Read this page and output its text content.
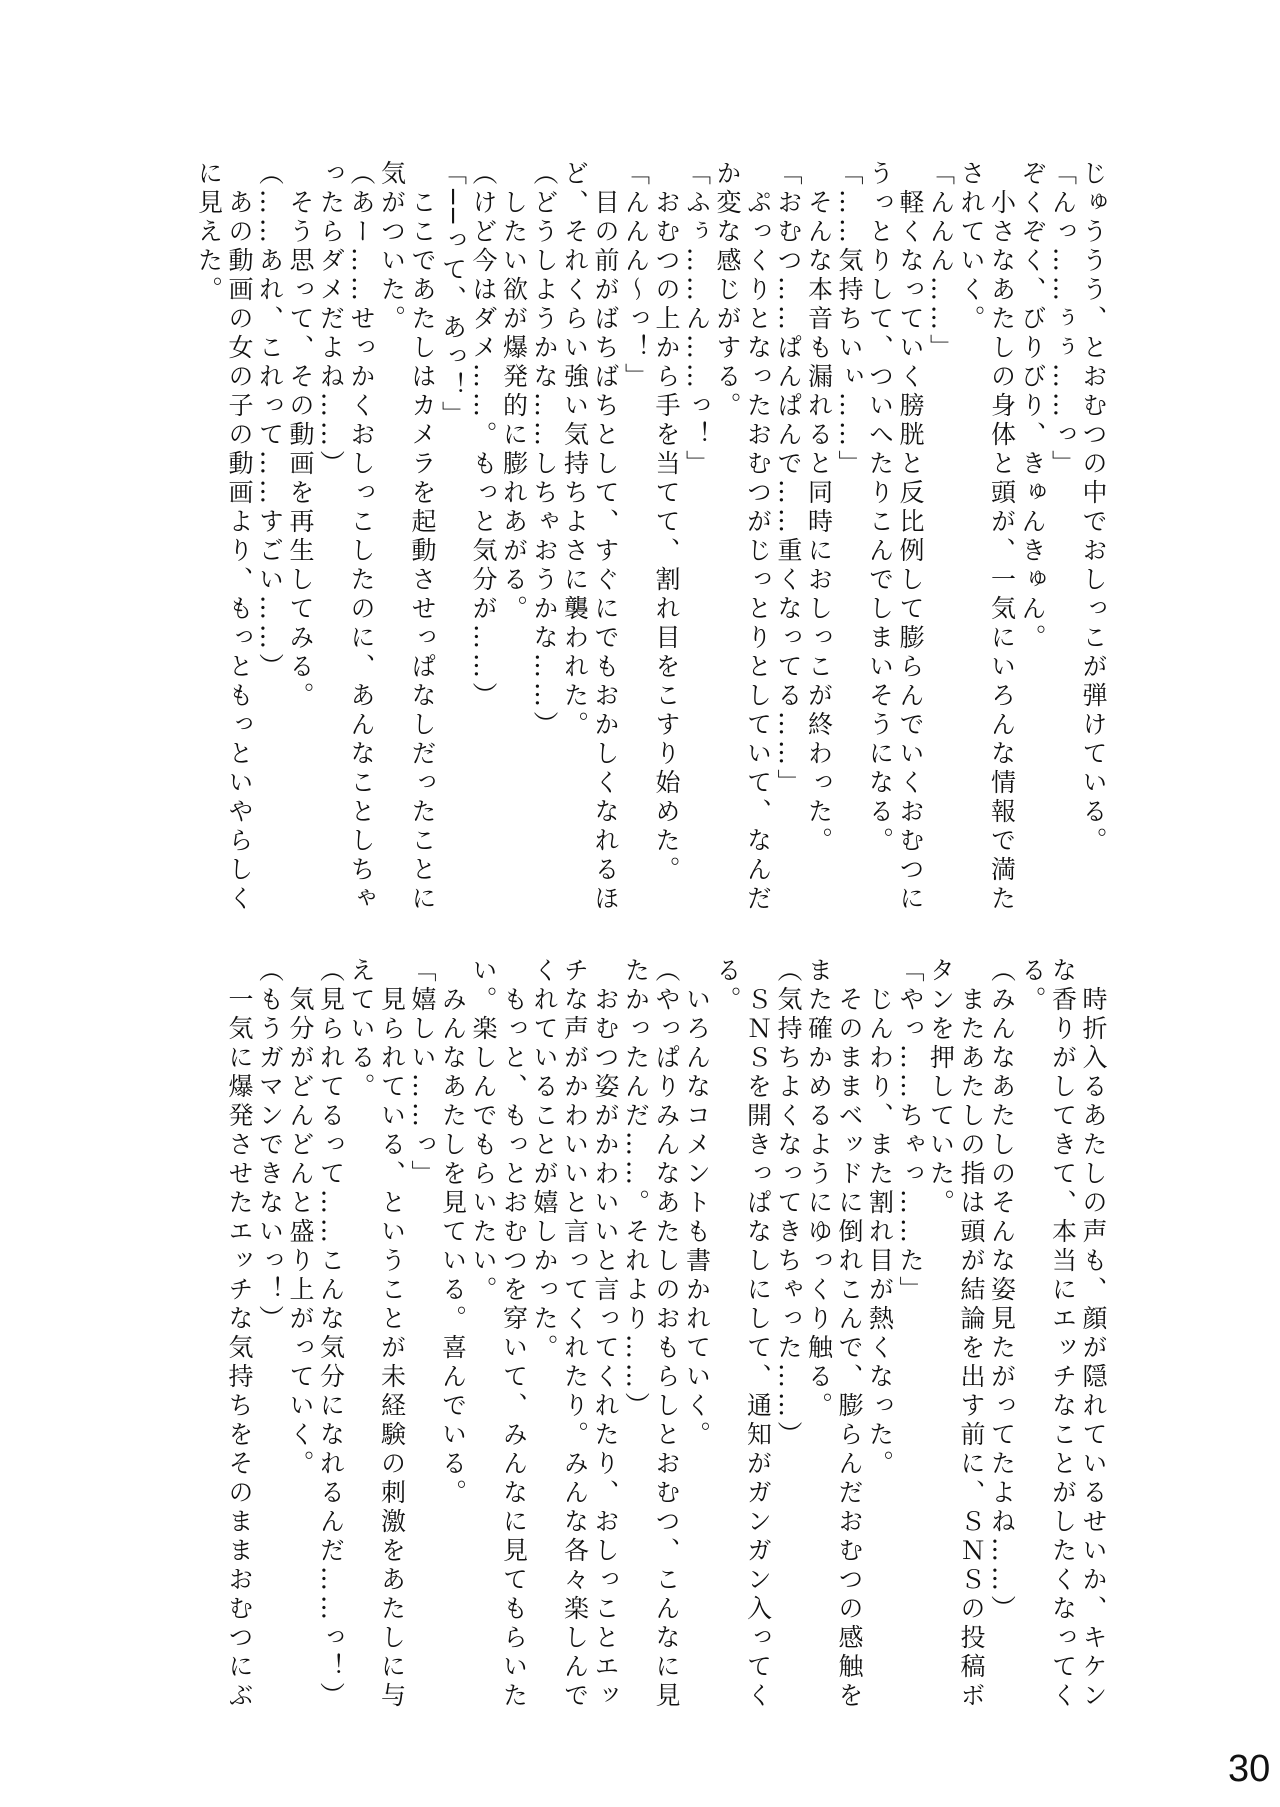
じゅううう、とおむつの中でおしっこが弾けている。
「んっ……ぅぅ……っ」
ぞくぞく、びりびり、きゅんきゅん。
　小さなあたしの身体と頭が、一気にいろんな情報で満た
されていく。
「んんん……」
　軽くなっていく膀胱と反比例して膨らんでいくおむつに
うっとりして、ついへたりこんでしまいそうになる。
「……気持ちいぃ……」
　そんな本音も漏れると同時におしっこが終わった。
「おむつ……ぱんぱんで……重くなってる……」
　ぷっくりとなったおむつがじっとりとしていて、なんだ
か変な感じがする。
「ふぅ……ん……っ！」
　おむつの上から手を当てて、割れ目をこすり始めた。
「んんん〜っ！」
　目の前がばちばちとして、すぐにでもおかしくなれるほ
ど、それくらい強い気持ちよさに襲われた。
（どうしようかな……しちゃおうかな……）
　したい欲が爆発的に膨れあがる。
（けど今はダメ……。もっと気分が……）
「──って、あっ！」
　ここであたしはカメラを起動させっぱなしだったことに
気がついた。
（あー……せっかくおしっこしたのに、あんなことしちゃ
ったらダメだよね……）
　そう思って、その動画を再生してみる。
（……あれ、これって……すごい……）
　あの動画の女の子の動画より、もっともっといやらしく
に見えた。
　時折入るあたしの声も、顔が隠れているせいか、キケン
な香りがしてきて、本当にエッチなことがしたくなってく
る。
（みんなあたしのそんな姿見たがってたよね……）
　またあたしの指は頭が結論を出す前に、ＳＮＳの投稿ボ
タンを押していた。
「やっ……ちゃっ……た」
　じんわり、また割れ目が熱くなった。
　そのままベッドに倒れこんで、膨らんだおむつの感触を
また確かめるようにゆっくり触る。
（気持ちよくなってきちゃった……）
　ＳＮＳを開きっぱなしにして、通知がガンガン入ってく
る。
　いろんなコメントも書かれていく。
（やっぱりみんなあたしのおもらしとおむつ、こんなに見
たかったんだ……。それより……）
　おむつ姿がかわいいと言ってくれたり、おしっことエッ
チな声がかわいいと言ってくれたり。みんな各々楽しんで
くれていることが嬉しかった。
　もっと、もっとおむつを穿いて、みんなに見てもらいた
い。楽しんでもらいたい。
　みんなあたしを見ている。喜んでいる。
「嬉しい……っ」
　見られている、ということが未経験の刺激をあたしに与
えている。
（見られてるって……こんな気分になれるんだ……っ！）
　気分がどんどんと盛り上がっていく。
（もうガマンできないっ！）
　一気に爆発させたエッチな気持ちをそのままおむつにぶ
30
